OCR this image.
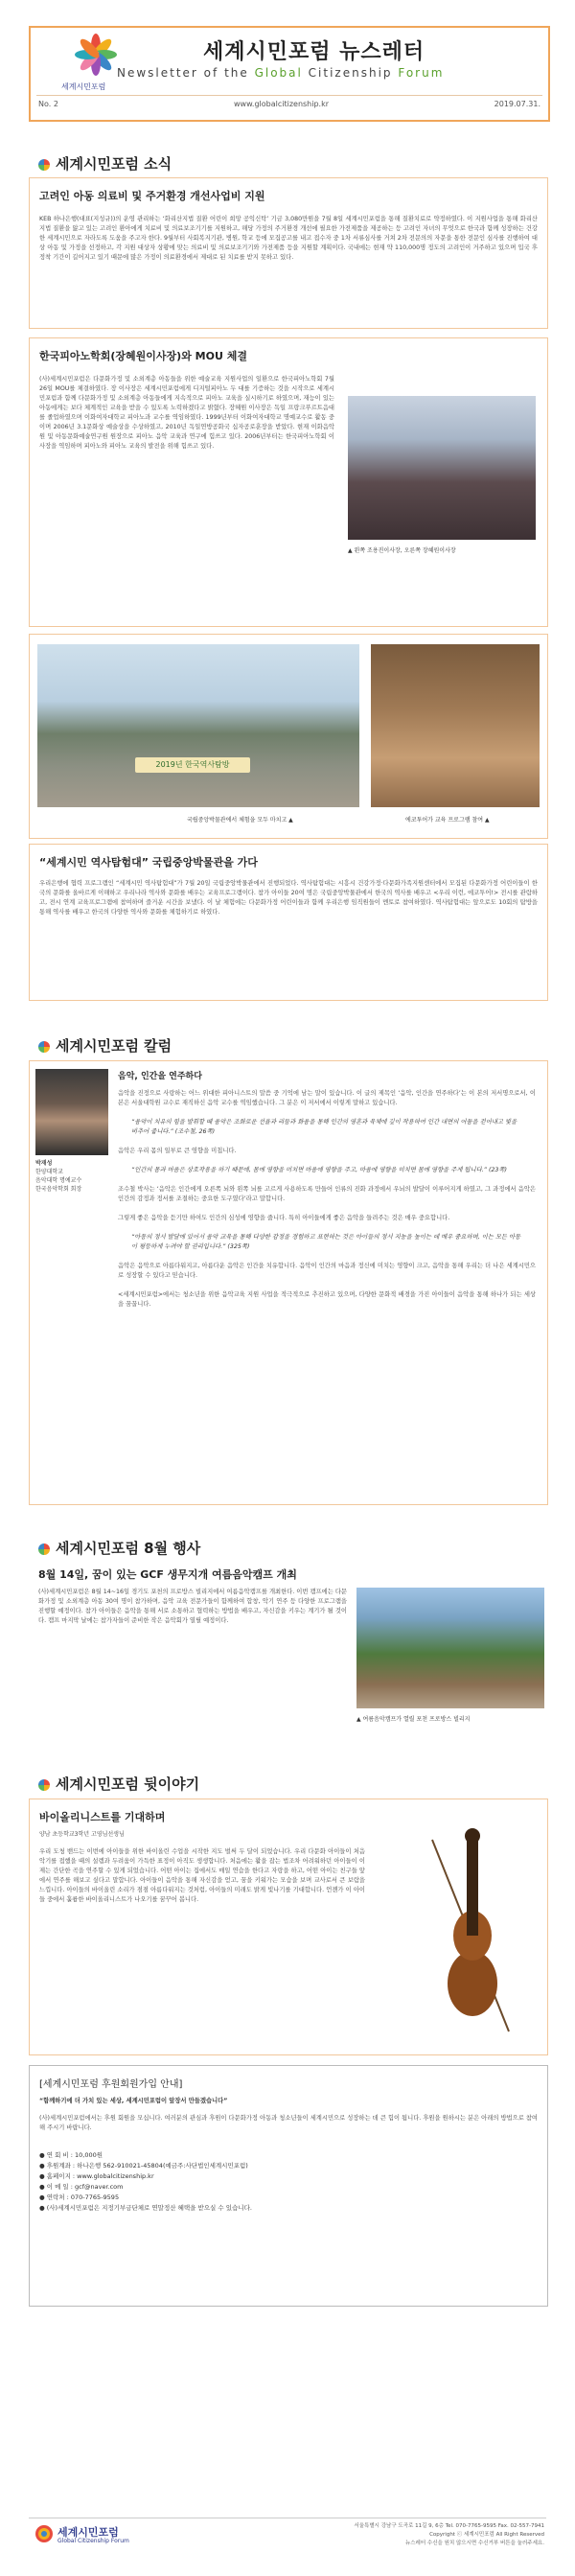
세계시민포럼
세계시민포럼 뉴스레터
Newsletter of the Global Citizenship Forum
No. 2	www.globalcitizenship.kr	2019.07.31.
세계시민포럼 소식
고려인 아동 의료비 및 주거환경 개선사업비 지원
KEB 하나은행(대표(지성규))의 운영 관리하는 ‘화리산지법 질환 어린이 희망 공익신탁’ 기금 3,080만원을 7월 8일 세계시민포럼을 통해 질환치료로 약정하였다. 이 지원사업을 통해 화리산지법 질환을 앓고 있는 고려인 환아에게 치료비 및 의료보조기기를 지원하고, 해당 가정의 주거환경 개선에 필요한 가전제품을 제공하는 등 고려인 자녀의 무엇으로 한국과 함께 성장하는 건강한 세계시민으로 자라도록 도움을 주고자 한다. 9월부터 사회복지기관, 병원, 학교 등에 모집공고를 내고 접수자 중 1차 서류심사를 거쳐 2차 전문의의 자문을 통한 전문인 심사를 진행하여 대상 아동 및 가정을 선정하고, 각 지원 대상자 상황에 맞는 의료비 및 의료보조기기와 가전제품 등을 지원할 계획이다. 국내에는 현재 약 110,000명 정도의 고려인이 거주하고 있으며 입국 후 정착 기간이 길어지고 있기 때문에 많은 가정이 의료환경에서 제대로 된 치료를 받지 못하고 있다.
한국피아노학회(장혜원이사장)와 MOU 체결
(사)세계시민포럼은 다문화가정 및 소외계층 아동들을 위한 예술교육 지원사업의 일환으로 한국피아노학회 7월 26일 MOU를 체결하였다. 장 이사장은 세계시민포럼에게 디지털피아노 두 대를 기증하는 것을 시작으로 세계시민포럼과 함께 다문화가정 및 소외계층 아동들에게 지속적으로 피아노 교육을 실시하기로 하였으며, 재능이 있는 아동에게는 보다 체계적인 교육을 받을 수 있도록 노력하겠다고 밝혔다. 장혜원 이사장은 독일 프랑크푸르트음대를 졸업하였으며 이화여자대학교 피아노과 교수를 역임하였다. 1999년부터 이화여자대학교 명예교수로 활동 중이며 2006년 3.1문화상 예술상을 수상하였고, 2010년 독일연방공화국 십자공로훈장을 받았다. 현재 이화음악원 및 아동문화예술연구원 원장으로 피아노 음악 교육과 연구에 힘쓰고 있다. 2006년부터는 한국피아노학회 이사장을 역임하며 피아노와 피아노 교육의 발전을 위해 힘쓰고 있다.
▲ 왼쪽 조용진이사장, 오른쪽 장혜원이사장
2019년 한국역사탐방
국립중앙박물관에서 체험을 모두 마치고 ▲	에코투어가 교육 프로그램 참여 ▲
“세계시민 역사탐험대” 국립중앙박물관을 가다
우리은행에 협력 프로그램인 “세계시민 역사탐험대”가 7월 20일 국립중앙박물관에서 진행되었다. 역사탐험대는 시흥시 건강가정·다문화가족지원센터에서 모집된 다문화가정 어린이들이 한국의 문화를 올바르게 이해하고 우리나라 역사와 문화를 배우는 교육프로그램이다. 참가 아이들 20여 명은 국립중앙박물관에서 한국의 역사를 배우고 <우리 이런, 에코투어!> 전시를 관람하고, 전시 연계 교육프로그램에 참여하며 즐거운 시간을 보냈다. 이 날 체험에는 다문화가정 어린이들과 함께 우리은행 임직원들이 멘토로 참여하였다. 역사탐험대는 앞으로도 10회의 탐방을 통해 역사를 배우고 한국의 다양한 역사와 문화를 체험하기로 하였다.
세계시민포럼 칼럼
박재성
한양대학교
음악대학 명예교수
한국음악학회 회장
음악, 인간을 연주하다
음악을 진정으로 사랑하는 어느 위대한 피아니스트의 말씀 중 기억에 남는 말이 있습니다. 이 글의 제목인 ‘음악, 인간을 연주하다’는 이 본의 저서명으로서, 이 본은 서울대학원 교수로 재직하신 음악 교수를 역임했습니다. 그 분은 이 저서에서 이렇게 말하고 있습니다.
“음악이 치유의 힘을 발휘할 때 음악은 조화로운 선율과 리듬과 화음을 통해 인간의 영혼과 육체에 깊이 작용하여 인간 내면의 어둠을 걷어내고 빛을 비추어 줍니다.” (조수철, 26쪽)
음악은 우리 몸의 일부로 큰 영향을 미칩니다.
“인간의 몸과 마음은 상호작용을 하기 때문에, 몸에 영향을 미치면 마음에 영향을 주고, 마음에 영향을 미치면 몸에 영향을 주게 됩니다.” (23쪽)
조수철 박사는 ‘음악은 인간에게 오른쪽 뇌와 왼쪽 뇌를 고르게 사용하도록 만들어 인류의 진화 과정에서 우뇌의 발달이 이루어지게 하였고, 그 과정에서 음악은 인간의 감정과 정서를 조절하는 중요한 도구였다’라고 말합니다.
그렇게 좋은 음악을 듣기만 하여도 인간의 심성에 영향을 줍니다. 특히 아이들에게 좋은 음악을 들려주는 것은 매우 중요합니다.
“아동의 정서 발달에 있어서 음악 교육을 통해 다양한 감정을 경험하고 표현하는 것은 아이들의 정서 지능을 높이는 데 매우 중요하며, 이는 모든 아동이 평등하게 누려야 할 권리입니다.” (325쪽)
음악은 음악으로 아름다워지고, 아름다운 음악은 인간을 치유합니다. 음악이 인간의 마음과 정신에 미치는 영향이 크고, 음악을 통해 우리는 더 나은 세계시민으로 성장할 수 있다고 믿습니다.
<세계시민포럼>에서는 청소년을 위한 음악교육 지원 사업을 적극적으로 추진하고 있으며, 다양한 문화적 배경을 가진 아이들이 음악을 통해 하나가 되는 세상을 꿈꿉니다.
세계시민포럼 8월 행사
8월 14일, 꿈이 있는 GCF 생무지개 여름음악캠프 개최
(사)세계시민포럼은 8월 14~16일 경기도 포천의 프로방스 빌리지에서 여름음악캠프를 개최한다. 이번 캠프에는 다문화가정 및 소외계층 아동 30여 명이 참가하며, 음악 교육 전문가들이 함께하여 합창, 악기 연주 등 다양한 프로그램을 진행할 예정이다. 참가 아이들은 음악을 통해 서로 소통하고 협력하는 방법을 배우고, 자신감을 키우는 계기가 될 것이다. 캠프 마지막 날에는 참가자들이 준비한 작은 음악회가 열릴 예정이다.
▲ 여름음악캠프가 열릴 포천 프로방스 빌리지
세계시민포럼 뒷이야기
바이올리니스트를 기대하며
양남 초등학교3학년 고영님선생님
우리 도청 밴드는 이번에 아이들을 위한 바이올린 수업을 시작한 지도 벌써 두 달이 되었습니다. 우리 다문화 아이들이 처음 악기를 접했을 때의 설렘과 두려움이 가득한 표정이 아직도 생생합니다. 처음에는 활을 잡는 법조차 어려워하던 아이들이 이제는 간단한 곡을 연주할 수 있게 되었습니다. 어떤 아이는 집에서도 매일 연습을 한다고 자랑을 하고, 어떤 아이는 친구들 앞에서 연주를 해보고 싶다고 말합니다. 아이들이 음악을 통해 자신감을 얻고, 꿈을 키워가는 모습을 보며 교사로서 큰 보람을 느낍니다. 아이들의 바이올린 소리가 점점 아름다워지는 것처럼, 아이들의 미래도 밝게 빛나기를 기대합니다. 언젠가 이 아이들 중에서 훌륭한 바이올리니스트가 나오기를 꿈꾸어 봅니다.
[세계시민포럼 후원회원가입 안내]
“함께하기에 더 가치 있는 세상, 세계시민포럼이 앞장서 만들겠습니다”
(사)세계시민포럼에서는 후원 회원을 모십니다. 여러분의 관심과 후원이 다문화가정 아동과 청소년들이 세계시민으로 성장하는 데 큰 힘이 됩니다. 후원을 원하시는 분은 아래의 방법으로 참여해 주시기 바랍니다.
● 연 회 비 : 10,000원
● 후원계좌 : 하나은행 562-910021-45804(예금주:사단법인세계시민포럼)
● 홈페이지 : www.globalcitizenship.kr
● 이 메 일 : gcf@naver.com
● 연락처 : 070-7765-9595
● (사)세계시민포럼은 지정기부금단체로 연말정산 혜택을 받으실 수 있습니다.
세계시민포럼
Global Citizenship Forum
서울특별시 강남구 도곡로 11길 9, 6층 Tel. 070-7765-9595 Fax. 02-557-7941
Copyright ⓒ 세계시민포럼 All Right Reserved
뉴스레터 수신을 원치 않으시면 수신거부 버튼을 눌러주세요.
